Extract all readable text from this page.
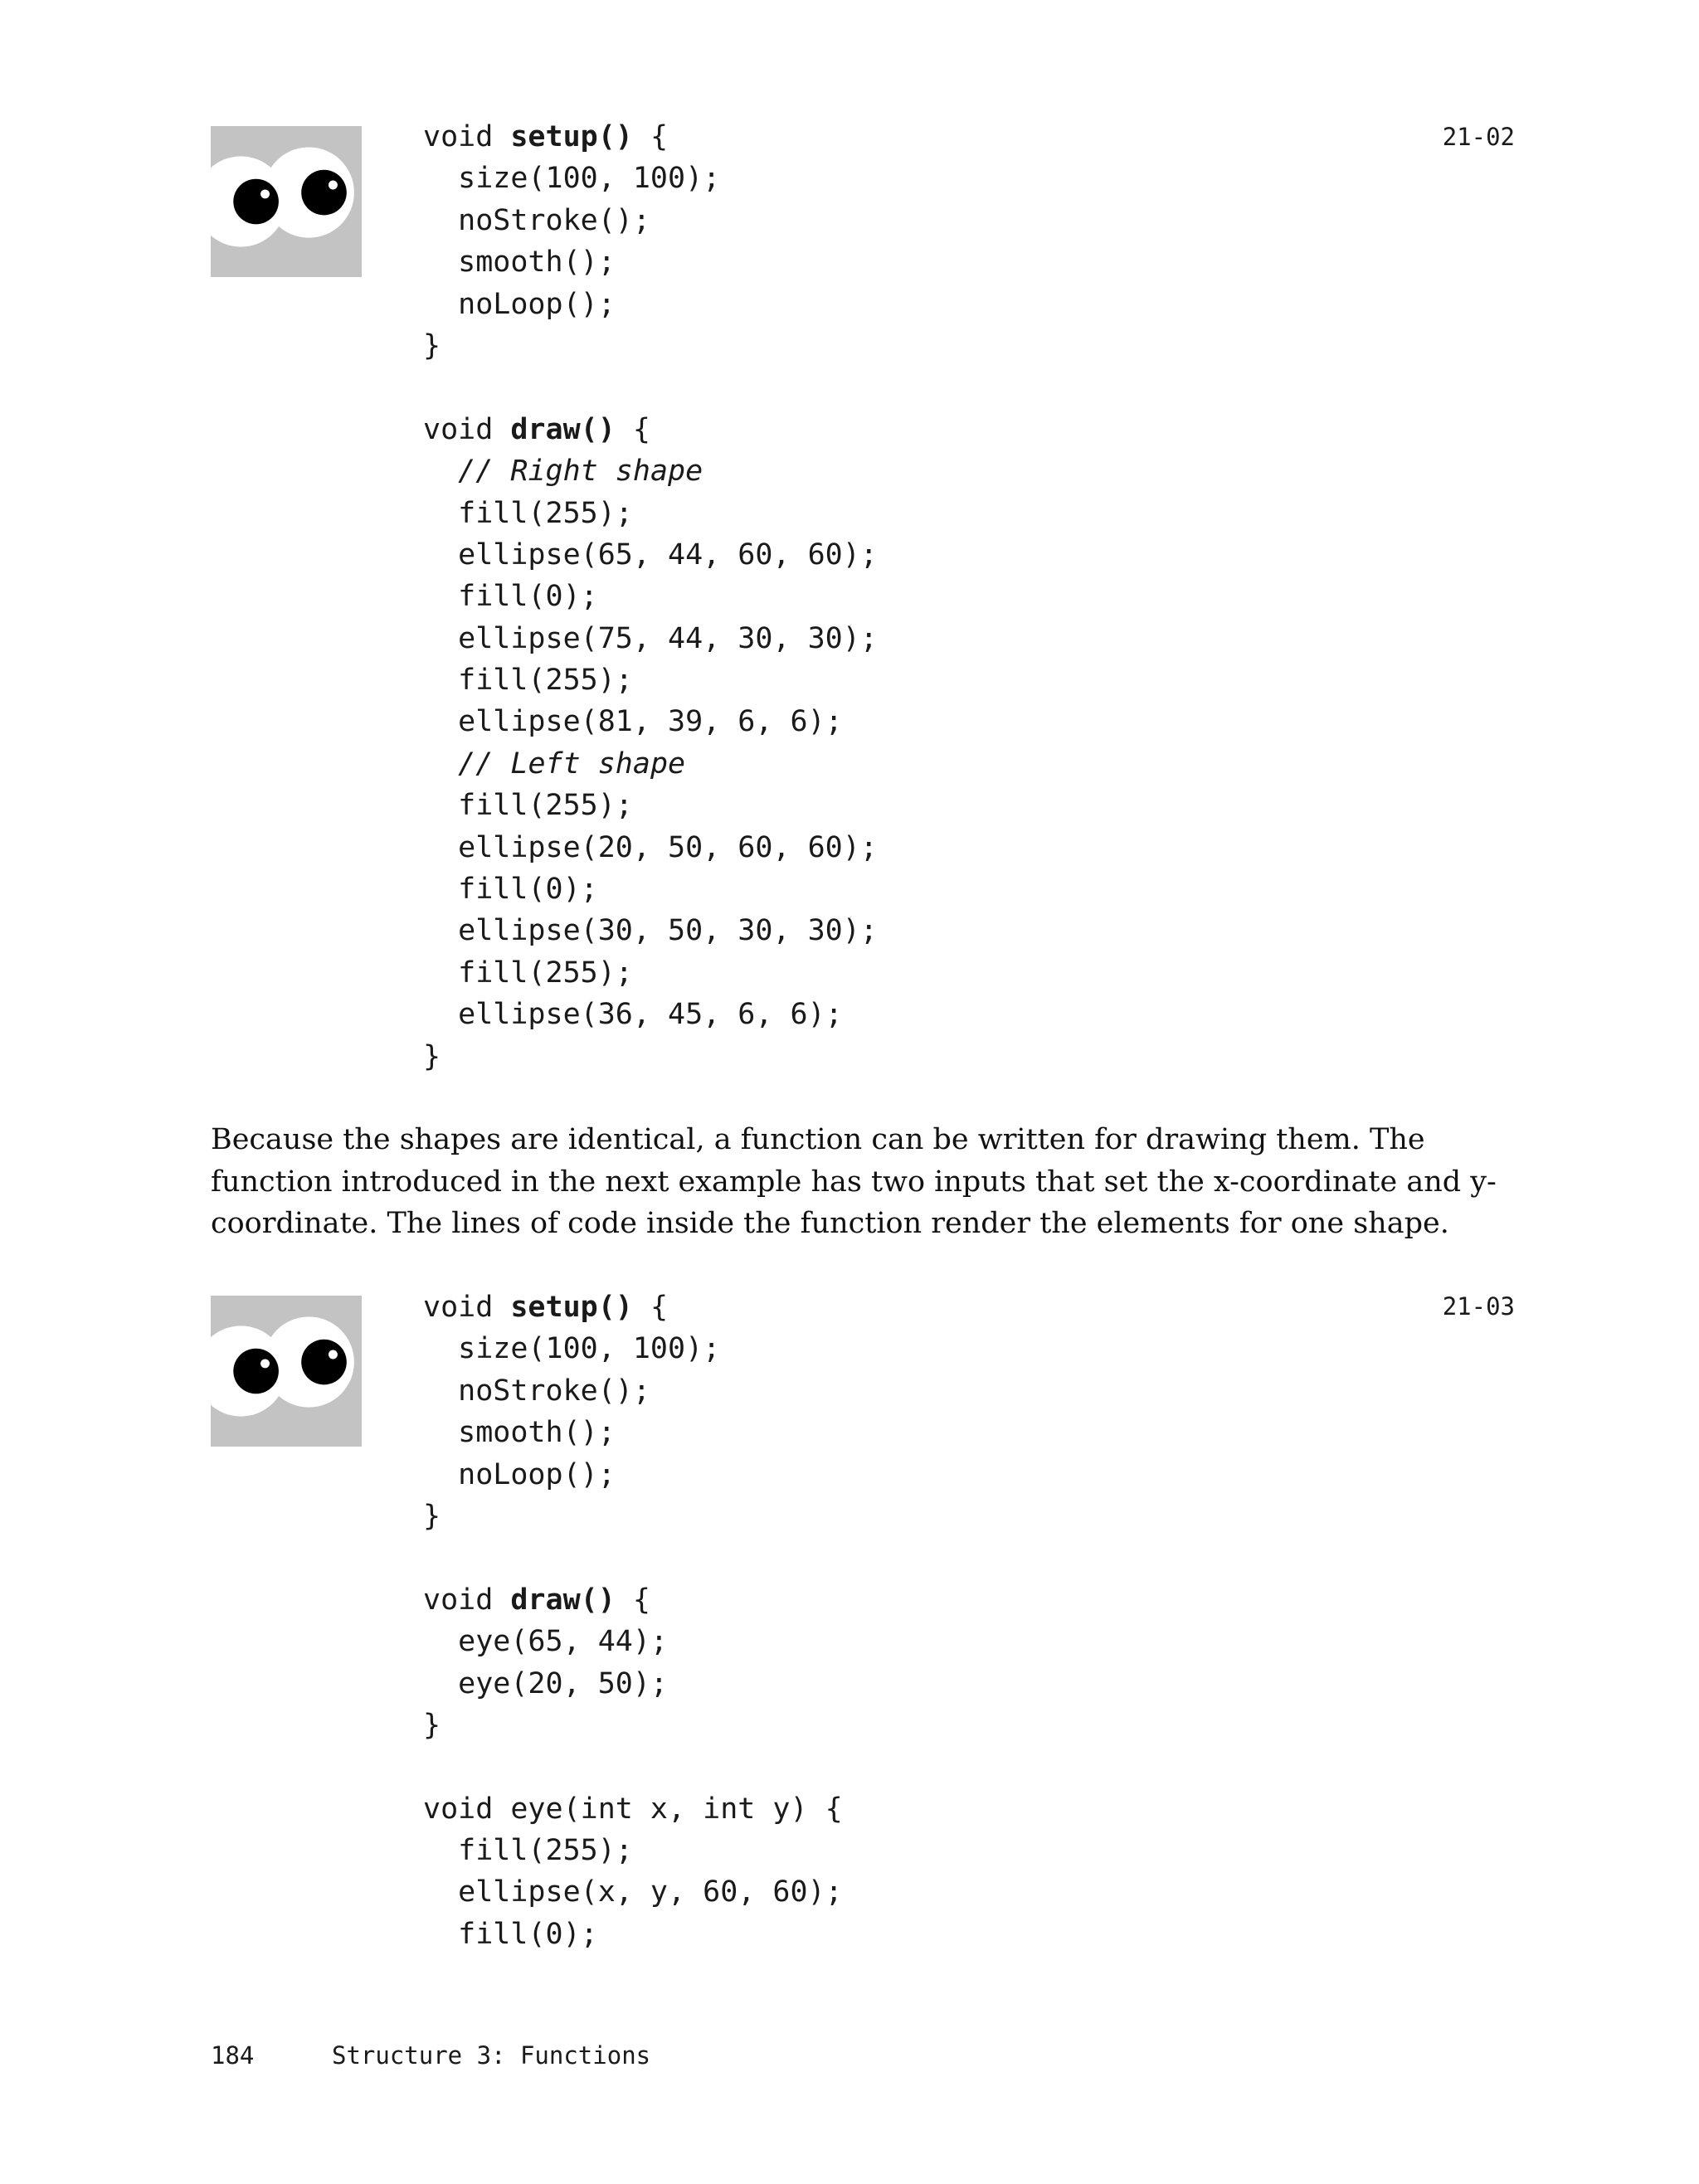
void setup() {
size(100, 100);
noStroke();
smooth();
noLoop();
}
void draw() {
// Right shape
fill(255);
ellipse(65, 44, 60, 60);
fill(0);
ellipse(75, 44, 30, 30);
fill(255);
ellipse(81, 39, 6, 6);
// Left shape
fill(255);
ellipse(20, 50, 60, 60);
fill(0);
ellipse(30, 50, 30, 30);
fill(255);
ellipse(36, 45, 6, 6);
}
21-02
Because the shapes are identical, a function can be written for drawing them. The
function introduced in the next example has two inputs that set the x-coordinate and y-
coordinate. The lines of code inside the function render the elements for one shape.
void setup() {
size(100, 100);
noStroke();
smooth();
noLoop();
}
void draw() {
eye(65, 44);
eye(20, 50);
}
void eye(int x, int y) {
fill(255);
ellipse(x, y, 60, 60);
fill(0);
21-03
184	Structure 3: Functions
